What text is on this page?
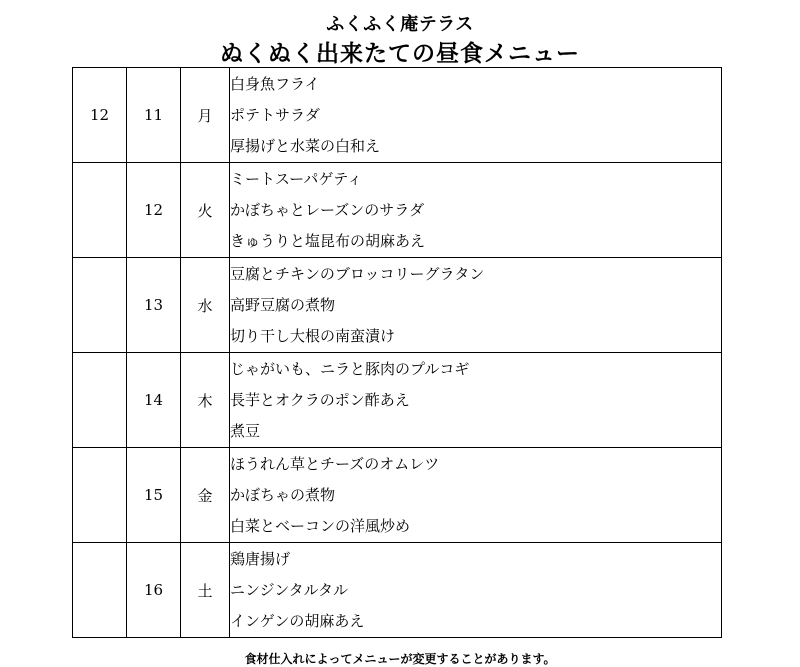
ふくふく庵テラス
ぬくぬく出来たての昼食メニュー
12	11	月	白身魚フライ
ポテトサラダ
厚揚げと水菜の白和え

	12	火	ミートスーパゲティ
かぼちゃとレーズンのサラダ
きゅうりと塩昆布の胡麻あえ

	13	水	豆腐とチキンのブロッコリーグラタン
高野豆腐の煮物
切り干し大根の南蛮漬け

	14	木	じゃがいも、ニラと豚肉のプルコギ
長芋とオクラのポン酢あえ
煮豆

	15	金	ほうれん草とチーズのオムレツ
かぼちゃの煮物
白菜とベーコンの洋風炒め

	16	土	鶏唐揚げ
ニンジンタルタル
インゲンの胡麻あえ
食材仕入れによってメニューが変更することがあります。
